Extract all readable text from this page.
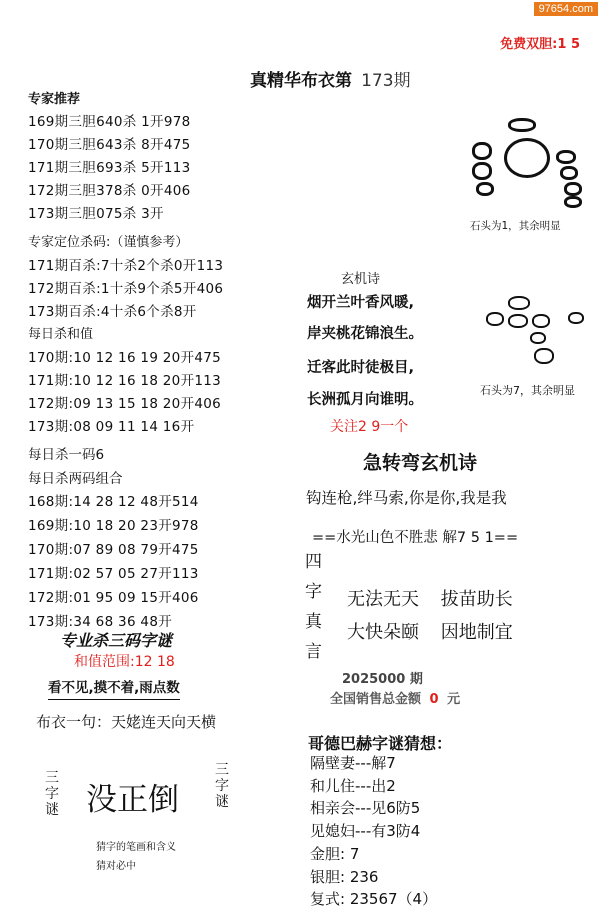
97654.com
免费双胆:1 5
真精华布衣第 173期
专家推荐
169期三胆640杀 1开978
170期三胆643杀 8开475
171期三胆693杀 5开113
172期三胆378杀 0开406
173期三胆075杀 3开
专家定位杀码:（谨慎参考）
171期百杀:7十杀2个杀0开113
172期百杀:1十杀9个杀5开406
173期百杀:4十杀6个杀8开
每日杀和值
170期:10 12 16 19 20开475
171期:10 12 16 18 20开113
172期:09 13 15 18 20开406
173期:08 09 11 14 16开
每日杀一码6
每日杀两码组合
168期:14 28 12 48开514
169期:10 18 20 23开978
170期:07 89 08 79开475
171期:02 57 05 27开113
172期:01 95 09 15开406
173期:34 68 36 48开
专业杀三码字谜
和值范围:12 18
看不见,摸不着,雨点数
布衣一句：天姥连天向天横
三字谜 没正倒
三字谜
猜字的笔画和含义
猜对必中
石头为1，其余明显
石头为7，其余明显
玄机诗
烟开兰叶香风暖,
岸夹桃花锦浪生。
迁客此时徒极目,
长洲孤月向谁明。
关注2 9一个
急转弯玄机诗
钩连枪,绊马索,你是你,我是我
==水光山色不胜悲 解7 5 1==
四
字
真
言
无法无天 拔苗助长
大快朵颐 因地制宜
2025000 期
全国销售总金额 0 元
哥德巴赫字谜猜想：
隔壁妻---解7
和儿住---出2
相亲会---见6防5
见媳妇---有3防4
金胆: 7
银胆: 236
复式: 23567（4）
